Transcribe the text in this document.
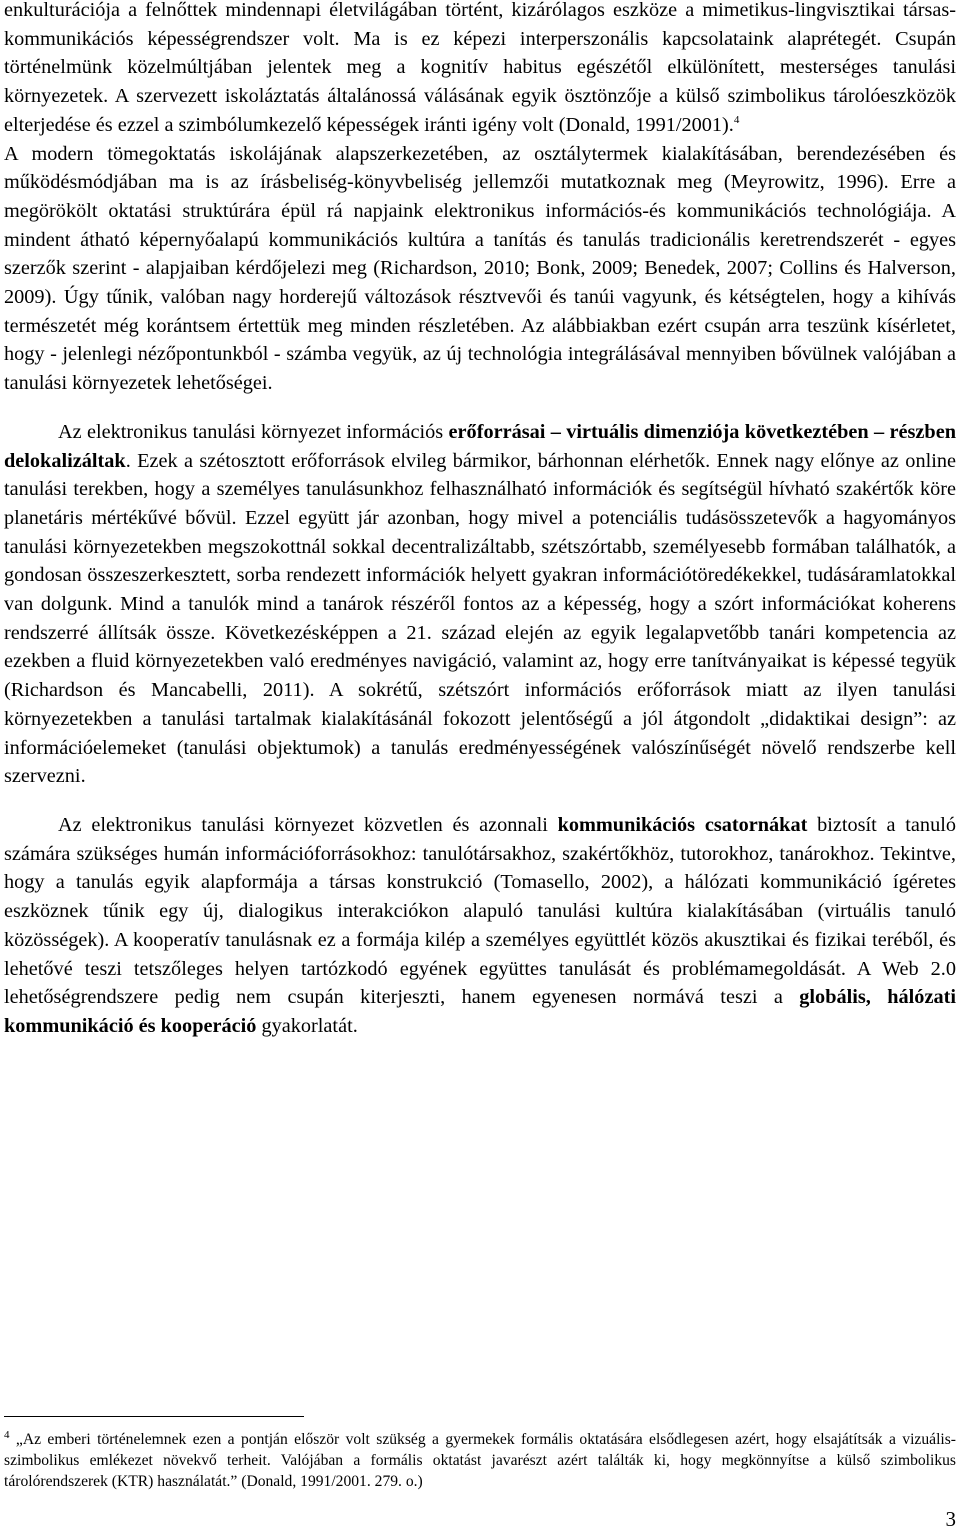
enkulturációja a felnőttek mindennapi életvilágában történt, kizárólagos eszköze a mimetikus-lingvisztikai társas-kommunikációs képességrendszer volt. Ma is ez képezi interperszonális kapcsolataink alaprétegét. Csupán történelmünk közelmúltjában jelentek meg a kognitív habitus egészétől elkülönített, mesterséges tanulási környezetek. A szervezett iskoláztatás általánossá válásának egyik ösztönzője a külső szimbolikus tárolóeszközök elterjedése és ezzel a szimbólumkezelő képességek iránti igény volt (Donald, 1991/2001).$^4$
A modern tömegoktatás iskolájának alapszerkezetében, az osztálytermek kialakításában, berendezésében és működésmódjában ma is az írásbeliség-könyvbeliség jellemzői mutatkoznak meg (Meyrowitz, 1996). Erre a megörökölt oktatási struktúrára épül rá napjaink elektronikus információs-és kommunikációs technológiája. A mindent átható képernyőalapú kommunikációs kultúra a tanítás és tanulás tradicionális keretrendszerét - egyes szerzők szerint - alapjaiban kérdőjelezi meg (Richardson, 2010; Bonk, 2009; Benedek, 2007; Collins és Halverson, 2009). Úgy tűnik, valóban nagy horderejű változások résztvevői és tanúi vagyunk, és kétségtelen, hogy a kihívás természetét még korántsem értettük meg minden részletében. Az alábbiakban ezért csupán arra teszünk kísérletet, hogy - jelenlegi nézőpontunkból - számba vegyük, az új technológia integrálásával mennyiben bővülnek valójában a tanulási környezetek lehetőségei.

Az elektronikus tanulási környezet információs erőforrásai – virtuális dimenziója következtében – részben delokalizáltak. Ezek a szétosztott erőforrások elvileg bármikor, bárhonnan elérhetők. Ennek nagy előnye az online tanulási terekben, hogy a személyes tanulásunkhoz felhasználható információk és segítségül hívható szakértők köre planetáris mértékűvé bővül. Ezzel együtt jár azonban, hogy mivel a potenciális tudásösszetevők a hagyományos tanulási környezetekben megszokottnál sokkal decentralizáltabb, szétszórtabb, személyesebb formában találhatók, a gondosan összeszerkesztett, sorba rendezett információk helyett gyakran információtöredékekkel, tudásáramlatokkal van dolgunk. Mind a tanulók mind a tanárok részéről fontos az a képesség, hogy a szórt információkat koherens rendszerré állítsák össze. Következésképpen a 21. század elején az egyik legalapvetőbb tanári kompetencia az ezekben a fluid környezetekben való eredményes navigáció, valamint az, hogy erre tanítványaikat is képessé tegyük (Richardson és Mancabelli, 2011). A sokrétű, szétszórt információs erőforrások miatt az ilyen tanulási környezetekben a tanulási tartalmak kialakításánál fokozott jelentőségű a jól átgondolt „didaktikai design”: az információelemeket (tanulási objektumok) a tanulás eredményességének valószínűségét növelő rendszerbe kell szervezni.

Az elektronikus tanulási környezet közvetlen és azonnali kommunikációs csatornákat biztosít a tanuló számára szükséges humán információforrásokhoz: tanulótársakhoz, szakértőkhöz, tutorokhoz, tanárokhoz. Tekintve, hogy a tanulás egyik alapformája a társas konstrukció (Tomasello, 2002), a hálózati kommunikáció ígéretes eszköznek tűnik egy új, dialogikus interakciókon alapuló tanulási kultúra kialakításában (virtuális tanuló közösségek). A kooperatív tanulásnak ez a formája kilép a személyes együttlét közös akusztikai és fizikai teréből, és lehetővé teszi tetszőleges helyen tartózkodó egyének együttes tanulását és problémamegoldását. A Web 2.0 lehetőségrendszere pedig nem csupán kiterjeszti, hanem egyenesen normává teszi a globális, hálózati kommunikáció és kooperáció gyakorlatát.

$^4$ „Az emberi történelemnek ezen a pontján először volt szükség a gyermekek formális oktatására elsődlegesen azért, hogy elsajátítsák a vizuális-szimbolikus emlékezet növekvő terheit. Valójában a formális oktatást javarészt azért találták ki, hogy megkönnyítse a külső szimbolikus tárolórendszerek (KTR) használatát.” (Donald, 1991/2001. 279. o.)
3
